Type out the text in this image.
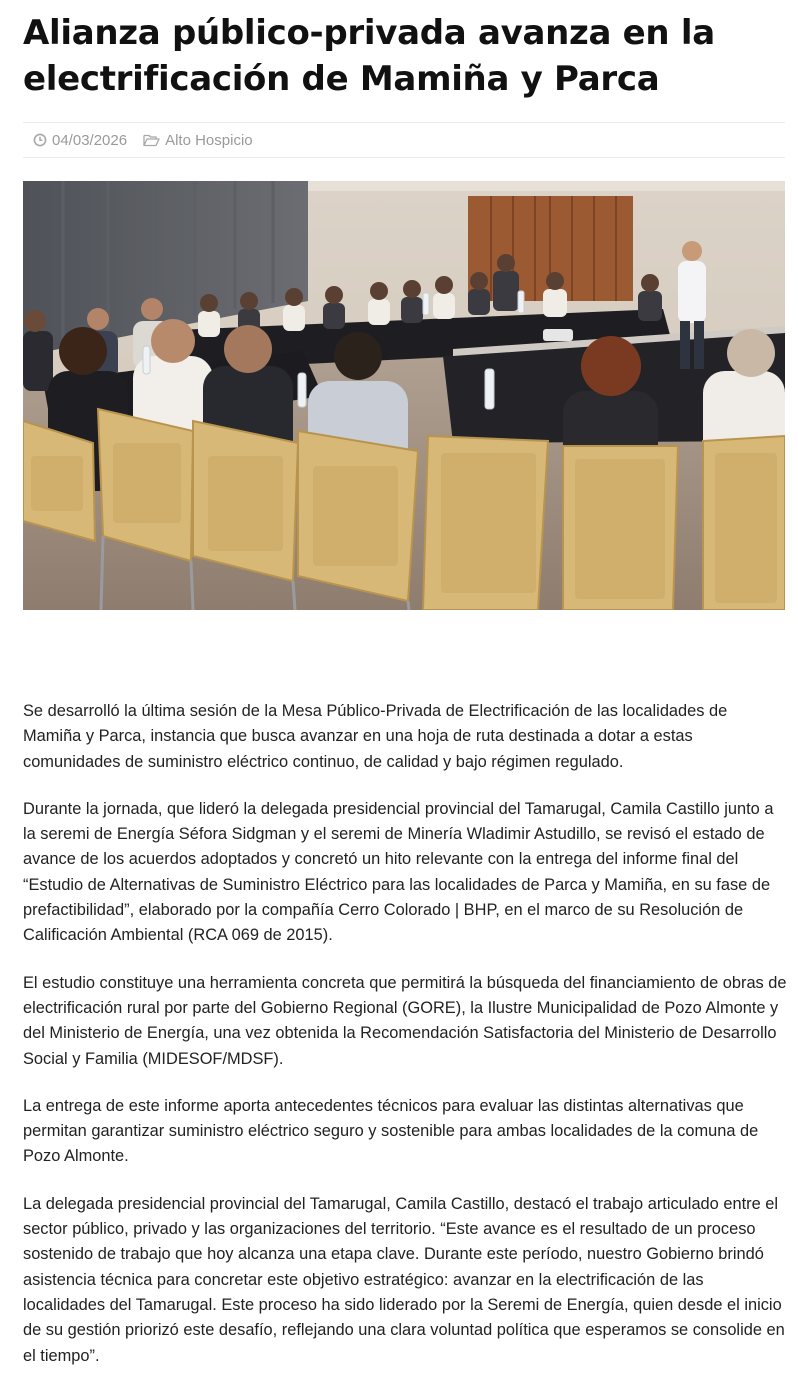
Alianza público-privada avanza en la electrificación de Mamiña y Parca
04/03/2026	Alto Hospicio

Se desarrolló la última sesión de la Mesa Público-Privada de Electrificación de las localidades de Mamiña y Parca, instancia que busca avanzar en una hoja de ruta destinada a dotar a estas comunidades de suministro eléctrico continuo, de calidad y bajo régimen regulado.

Durante la jornada, que lideró la delegada presidencial provincial del Tamarugal, Camila Castillo junto a la seremi de Energía Séfora Sidgman y el seremi de Minería Wladimir Astudillo, se revisó el estado de avance de los acuerdos adoptados y concretó un hito relevante con la entrega del informe final del “Estudio de Alternativas de Suministro Eléctrico para las localidades de Parca y Mamiña, en su fase de prefactibilidad”, elaborado por la compañía Cerro Colorado | BHP, en el marco de su Resolución de Calificación Ambiental (RCA 069 de 2015).

El estudio constituye una herramienta concreta que permitirá la búsqueda del financiamiento de obras de electrificación rural por parte del Gobierno Regional (GORE), la Ilustre Municipalidad de Pozo Almonte y del Ministerio de Energía, una vez obtenida la Recomendación Satisfactoria del Ministerio de Desarrollo Social y Familia (MIDESOF/MDSF).

La entrega de este informe aporta antecedentes técnicos para evaluar las distintas alternativas que permitan garantizar suministro eléctrico seguro y sostenible para ambas localidades de la comuna de Pozo Almonte.

La delegada presidencial provincial del Tamarugal, Camila Castillo, destacó el trabajo articulado entre el sector público, privado y las organizaciones del territorio. “Este avance es el resultado de un proceso sostenido de trabajo que hoy alcanza una etapa clave. Durante este período, nuestro Gobierno brindó asistencia técnica para concretar este objetivo estratégico: avanzar en la electrificación de las localidades del Tamarugal. Este proceso ha sido liderado por la Seremi de Energía, quien desde el inicio de su gestión priorizó este desafío, reflejando una clara voluntad política que esperamos se consolide en el tiempo”.
